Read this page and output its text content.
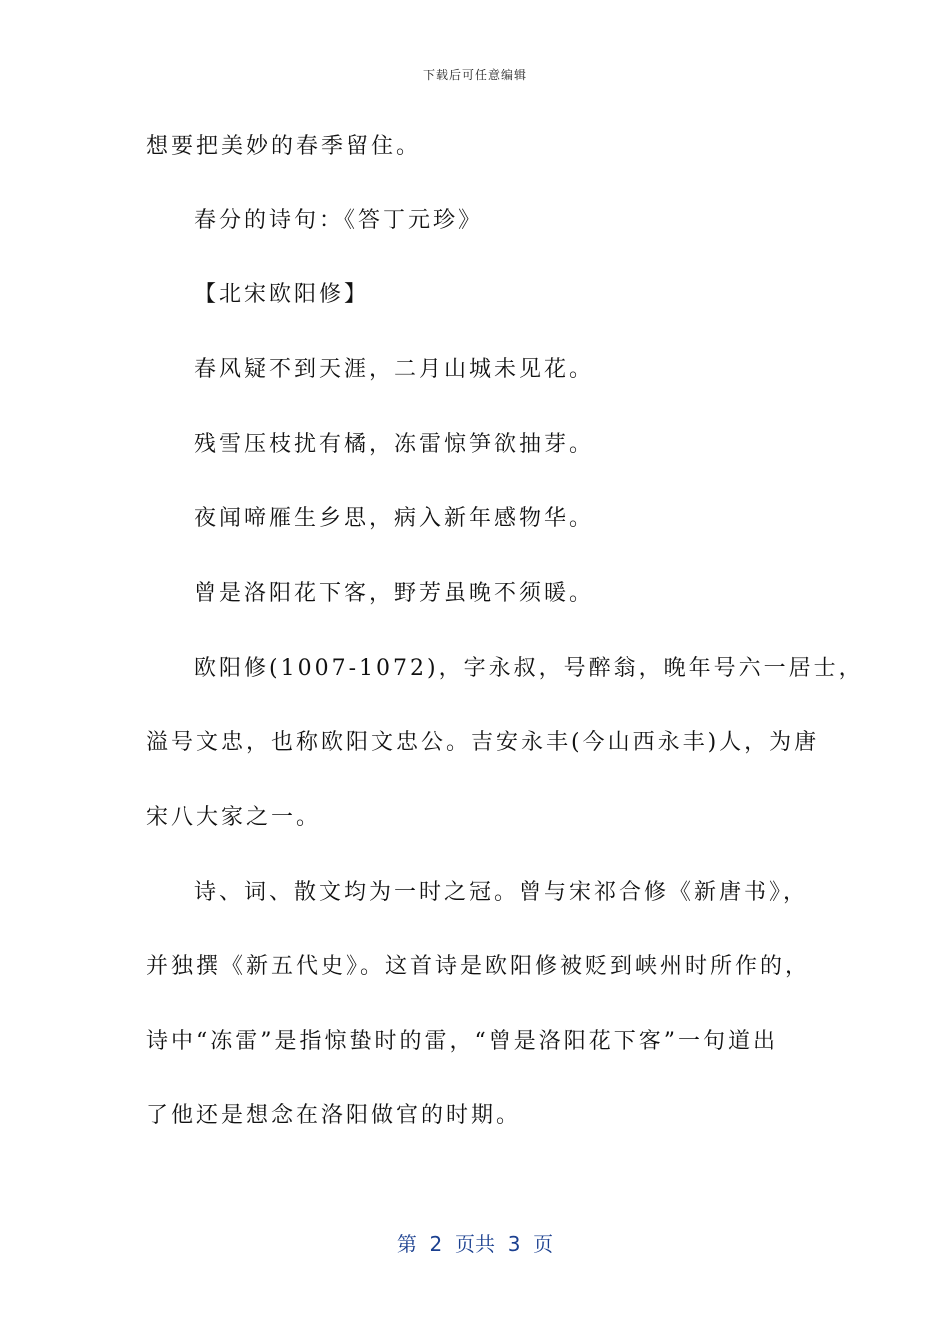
下载后可任意编辑
想要把美妙的春季留住。
春分的诗句：《答丁元珍》
【北宋欧阳修】
春风疑不到天涯，二月山城未见花。
残雪压枝扰有橘，冻雷惊笋欲抽芽。
夜闻啼雁生乡思，病入新年感物华。
曾是洛阳花下客，野芳虽晚不须暖。
欧阳修(1007-1072)，字永叔，号醉翁，晚年号六一居士，
溢号文忠，也称欧阳文忠公。吉安永丰(今山西永丰)人，为唐
宋八大家之一。
诗、词、散文均为一时之冠。曾与宋祁合修《新唐书》，
并独撰《新五代史》。这首诗是欧阳修被贬到峡州时所作的，
诗中“冻雷”是指惊蛰时的雷，“曾是洛阳花下客”一句道出
了他还是想念在洛阳做官的时期。
第  2  页共  3  页
